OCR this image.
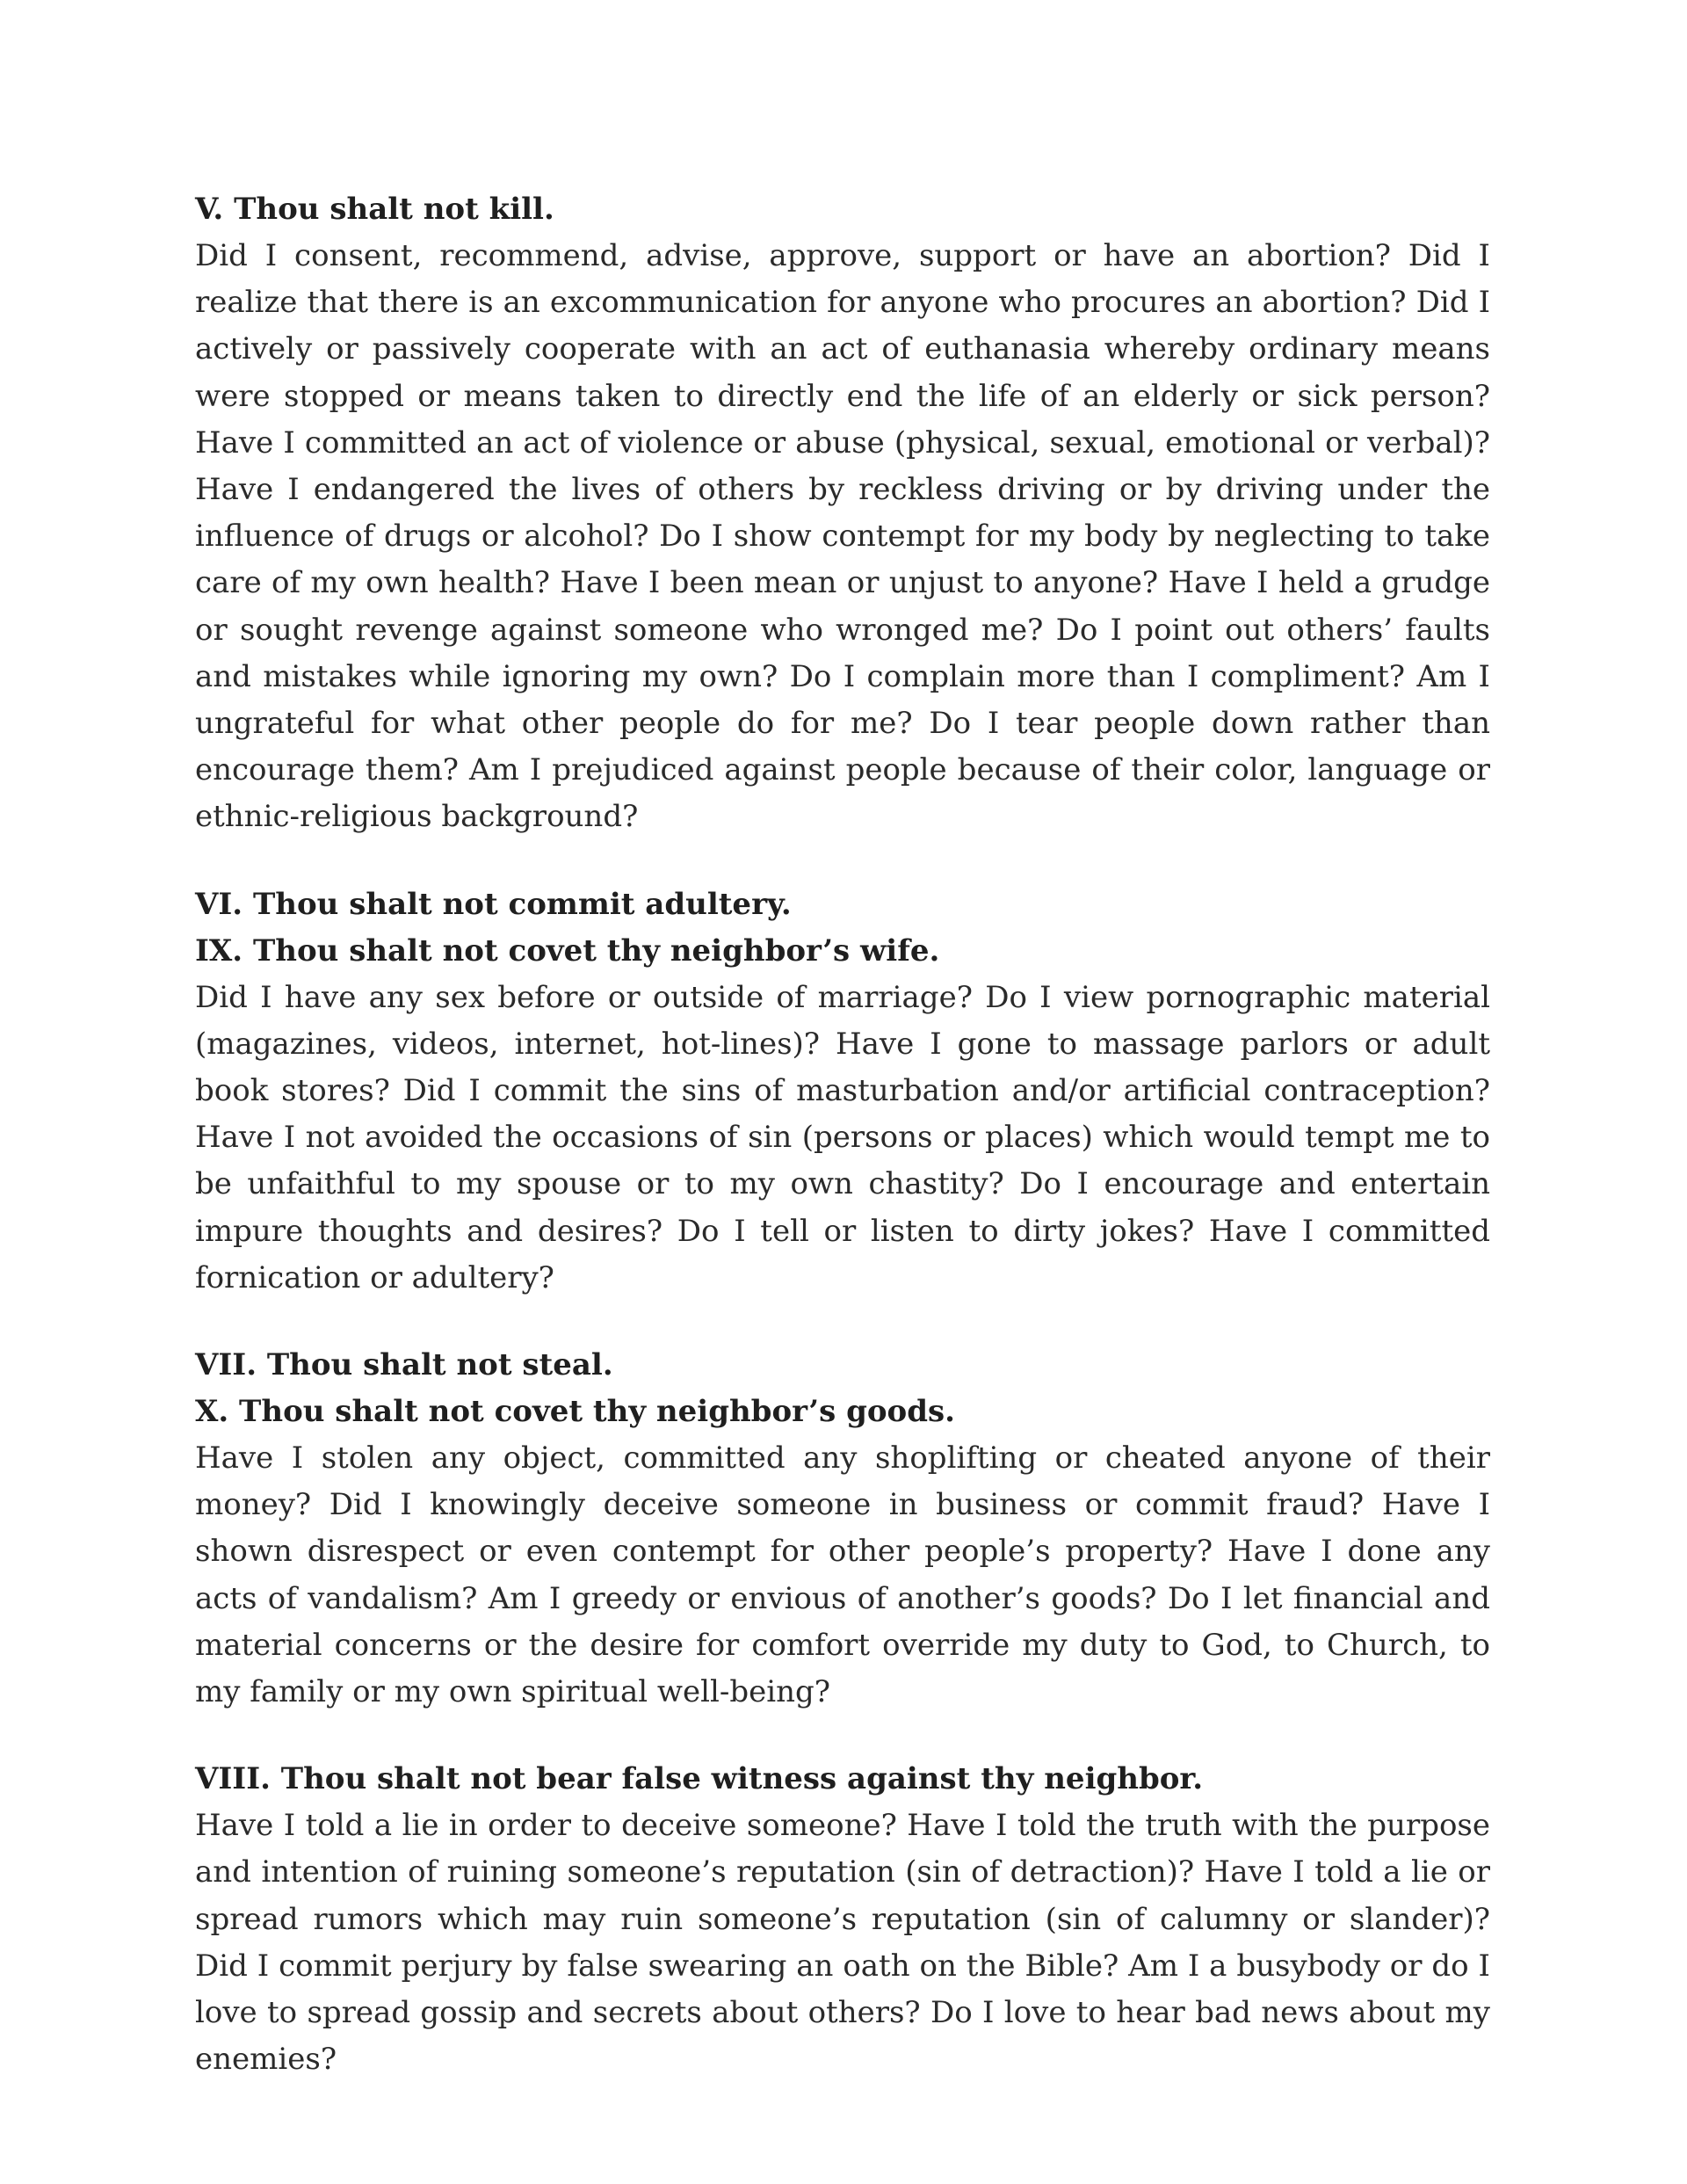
V. Thou shalt not kill.

Did I consent, recommend, advise, approve, support or have an abortion? Did I realize that there is an excommunication for anyone who procures an abortion? Did I actively or passively cooperate with an act of euthanasia whereby ordinary means were stopped or means taken to directly end the life of an elderly or sick person? Have I committed an act of violence or abuse (physical, sexual, emotional or verbal)? Have I endangered the lives of others by reckless driving or by driving under the influence of drugs or alcohol? Do I show contempt for my body by neglecting to take care of my own health? Have I been mean or unjust to anyone? Have I held a grudge or sought revenge against someone who wronged me? Do I point out others’ faults and mistakes while ignoring my own? Do I complain more than I compliment? Am I ungrateful for what other people do for me? Do I tear people down rather than encourage them? Am I prejudiced against people because of their color, language or ethnic-religious background?

VI. Thou shalt not commit adultery.

IX. Thou shalt not covet thy neighbor’s wife.

Did I have any sex before or outside of marriage? Do I view pornographic material (magazines, videos, internet, hot-lines)? Have I gone to massage parlors or adult book stores? Did I commit the sins of masturbation and/or artificial contraception? Have I not avoided the occasions of sin (persons or places) which would tempt me to be unfaithful to my spouse or to my own chastity? Do I encourage and entertain impure thoughts and desires? Do I tell or listen to dirty jokes? Have I committed fornication or adultery?

VII. Thou shalt not steal.

X. Thou shalt not covet thy neighbor’s goods.

Have I stolen any object, committed any shoplifting or cheated anyone of their money? Did I knowingly deceive someone in business or commit fraud? Have I shown disrespect or even contempt for other people’s property? Have I done any acts of vandalism? Am I greedy or envious of another’s goods? Do I let financial and material concerns or the desire for comfort override my duty to God, to Church, to my family or my own spiritual well-being?

VIII. Thou shalt not bear false witness against thy neighbor.

Have I told a lie in order to deceive someone? Have I told the truth with the purpose and intention of ruining someone’s reputation (sin of detraction)? Have I told a lie or spread rumors which may ruin someone’s reputation (sin of calumny or slander)? Did I commit perjury by false swearing an oath on the Bible? Am I a busybody or do I love to spread gossip and secrets about others? Do I love to hear bad news about my enemies?
